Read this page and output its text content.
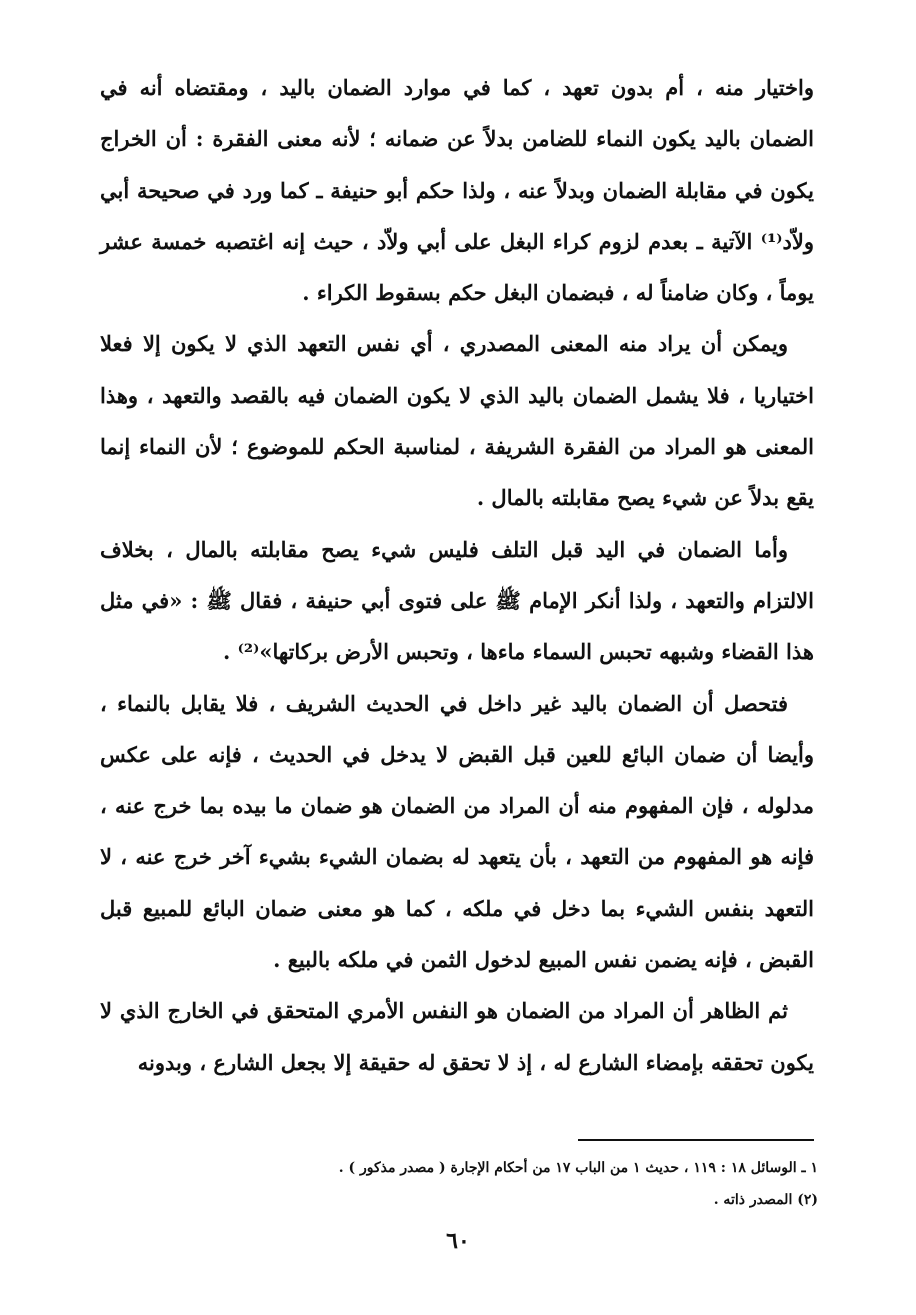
واختيار منه ، أم بدون تعهد ، كما في موارد الضمان باليد ، ومقتضاه أنه في الضمان باليد يكون النماء للضامن بدلاً عن ضمانه ؛ لأنه معنى الفقرة : أن الخراج يكون في مقابلة الضمان وبدلاً عنه ، ولذا حكم أبو حنيفة ـ كما ورد في صحيحة أبي ولاّد⁽¹⁾ الآتية ـ بعدم لزوم كراء البغل على أبي ولاّد ، حيث إنه اغتصبه خمسة عشر يوماً ، وكان ضامناً له ، فبضمان البغل حكم بسقوط الكراء .

ويمكن أن يراد منه المعنى المصدري ، أي نفس التعهد الذي لا يكون إلا فعلا اختياريا ، فلا يشمل الضمان باليد الذي لا يكون الضمان فيه بالقصد والتعهد ، وهذا المعنى هو المراد من الفقرة الشريفة ، لمناسبة الحكم للموضوع ؛ لأن النماء إنما يقع بدلاً عن شيء يصح مقابلته بالمال .

وأما الضمان في اليد قبل التلف فليس شيء يصح مقابلته بالمال ، بخلاف الالتزام والتعهد ، ولذا أنكر الإمام ﷺ على فتوى أبي حنيفة ، فقال ﷺ : «في مثل هذا القضاء وشبهه تحبس السماء ماءها ، وتحبس الأرض بركاتها»⁽²⁾ .

فتحصل أن الضمان باليد غير داخل في الحديث الشريف ، فلا يقابل بالنماء ، وأيضا أن ضمان البائع للعين قبل القبض لا يدخل في الحديث ، فإنه على عكس مدلوله ، فإن المفهوم منه أن المراد من الضمان هو ضمان ما بيده بما خرج عنه ، فإنه هو المفهوم من التعهد ، بأن يتعهد له بضمان الشيء بشيء آخر خرج عنه ، لا التعهد بنفس الشيء بما دخل في ملكه ، كما هو معنى ضمان البائع للمبيع قبل القبض ، فإنه يضمن نفس المبيع لدخول الثمن في ملكه بالبيع .

ثم الظاهر أن المراد من الضمان هو النفس الأمري المتحقق في الخارج الذي لا يكون تحققه بإمضاء الشارع له ، إذ لا تحقق له حقيقة إلا بجعل الشارع ، وبدونه

١ ـ الوسائل ١٨ : ١١٩ ، حديث ١ من الباب ١٧ من أحكام الإجارة ( مصدر مذكور ) .
(٢) المصدر ذاته .
٦٠
